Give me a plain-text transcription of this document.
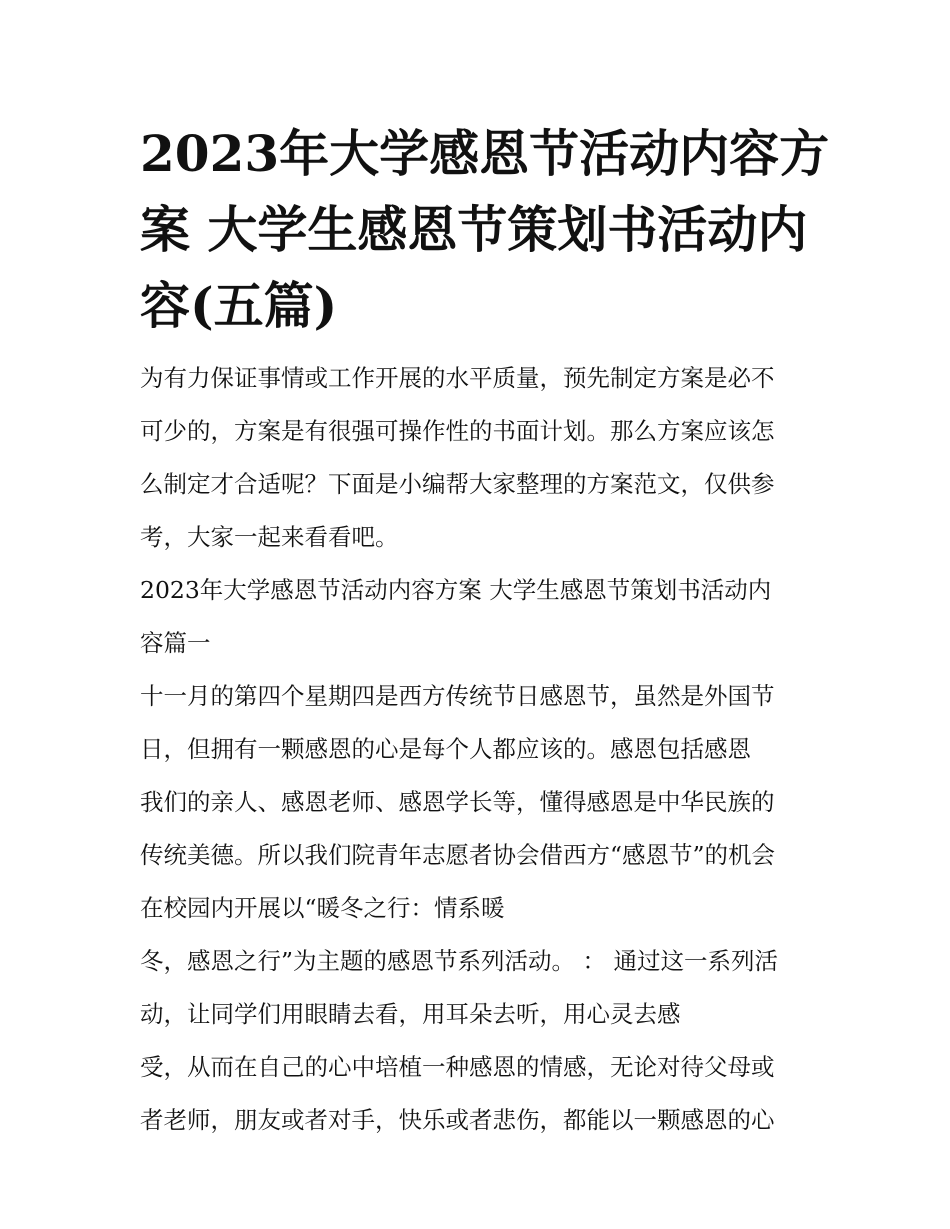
2023年大学感恩节活动内容方
案 大学生感恩节策划书活动内
容(五篇)
为有力保证事情或工作开展的水平质量，预先制定方案是必不
可少的，方案是有很强可操作性的书面计划。那么方案应该怎
么制定才合适呢？下面是小编帮大家整理的方案范文，仅供参
考，大家一起来看看吧。
2023年大学感恩节活动内容方案 大学生感恩节策划书活动内
容篇一
十一月的第四个星期四是西方传统节日感恩节，虽然是外国节
日，但拥有一颗感恩的心是每个人都应该的。感恩包括感恩
我们的亲人、感恩老师、感恩学长等，懂得感恩是中华民族的
传统美德。所以我们院青年志愿者协会借西方“感恩节”的机会
在校园内开展以“暖冬之行：情系暖
冬，感恩之行”为主题的感恩节系列活动。 ： 通过这一系列活
动，让同学们用眼睛去看，用耳朵去听，用心灵去感
受，从而在自己的心中培植一种感恩的情感，无论对待父母或
者老师，朋友或者对手，快乐或者悲伤，都能以一颗感恩的心
